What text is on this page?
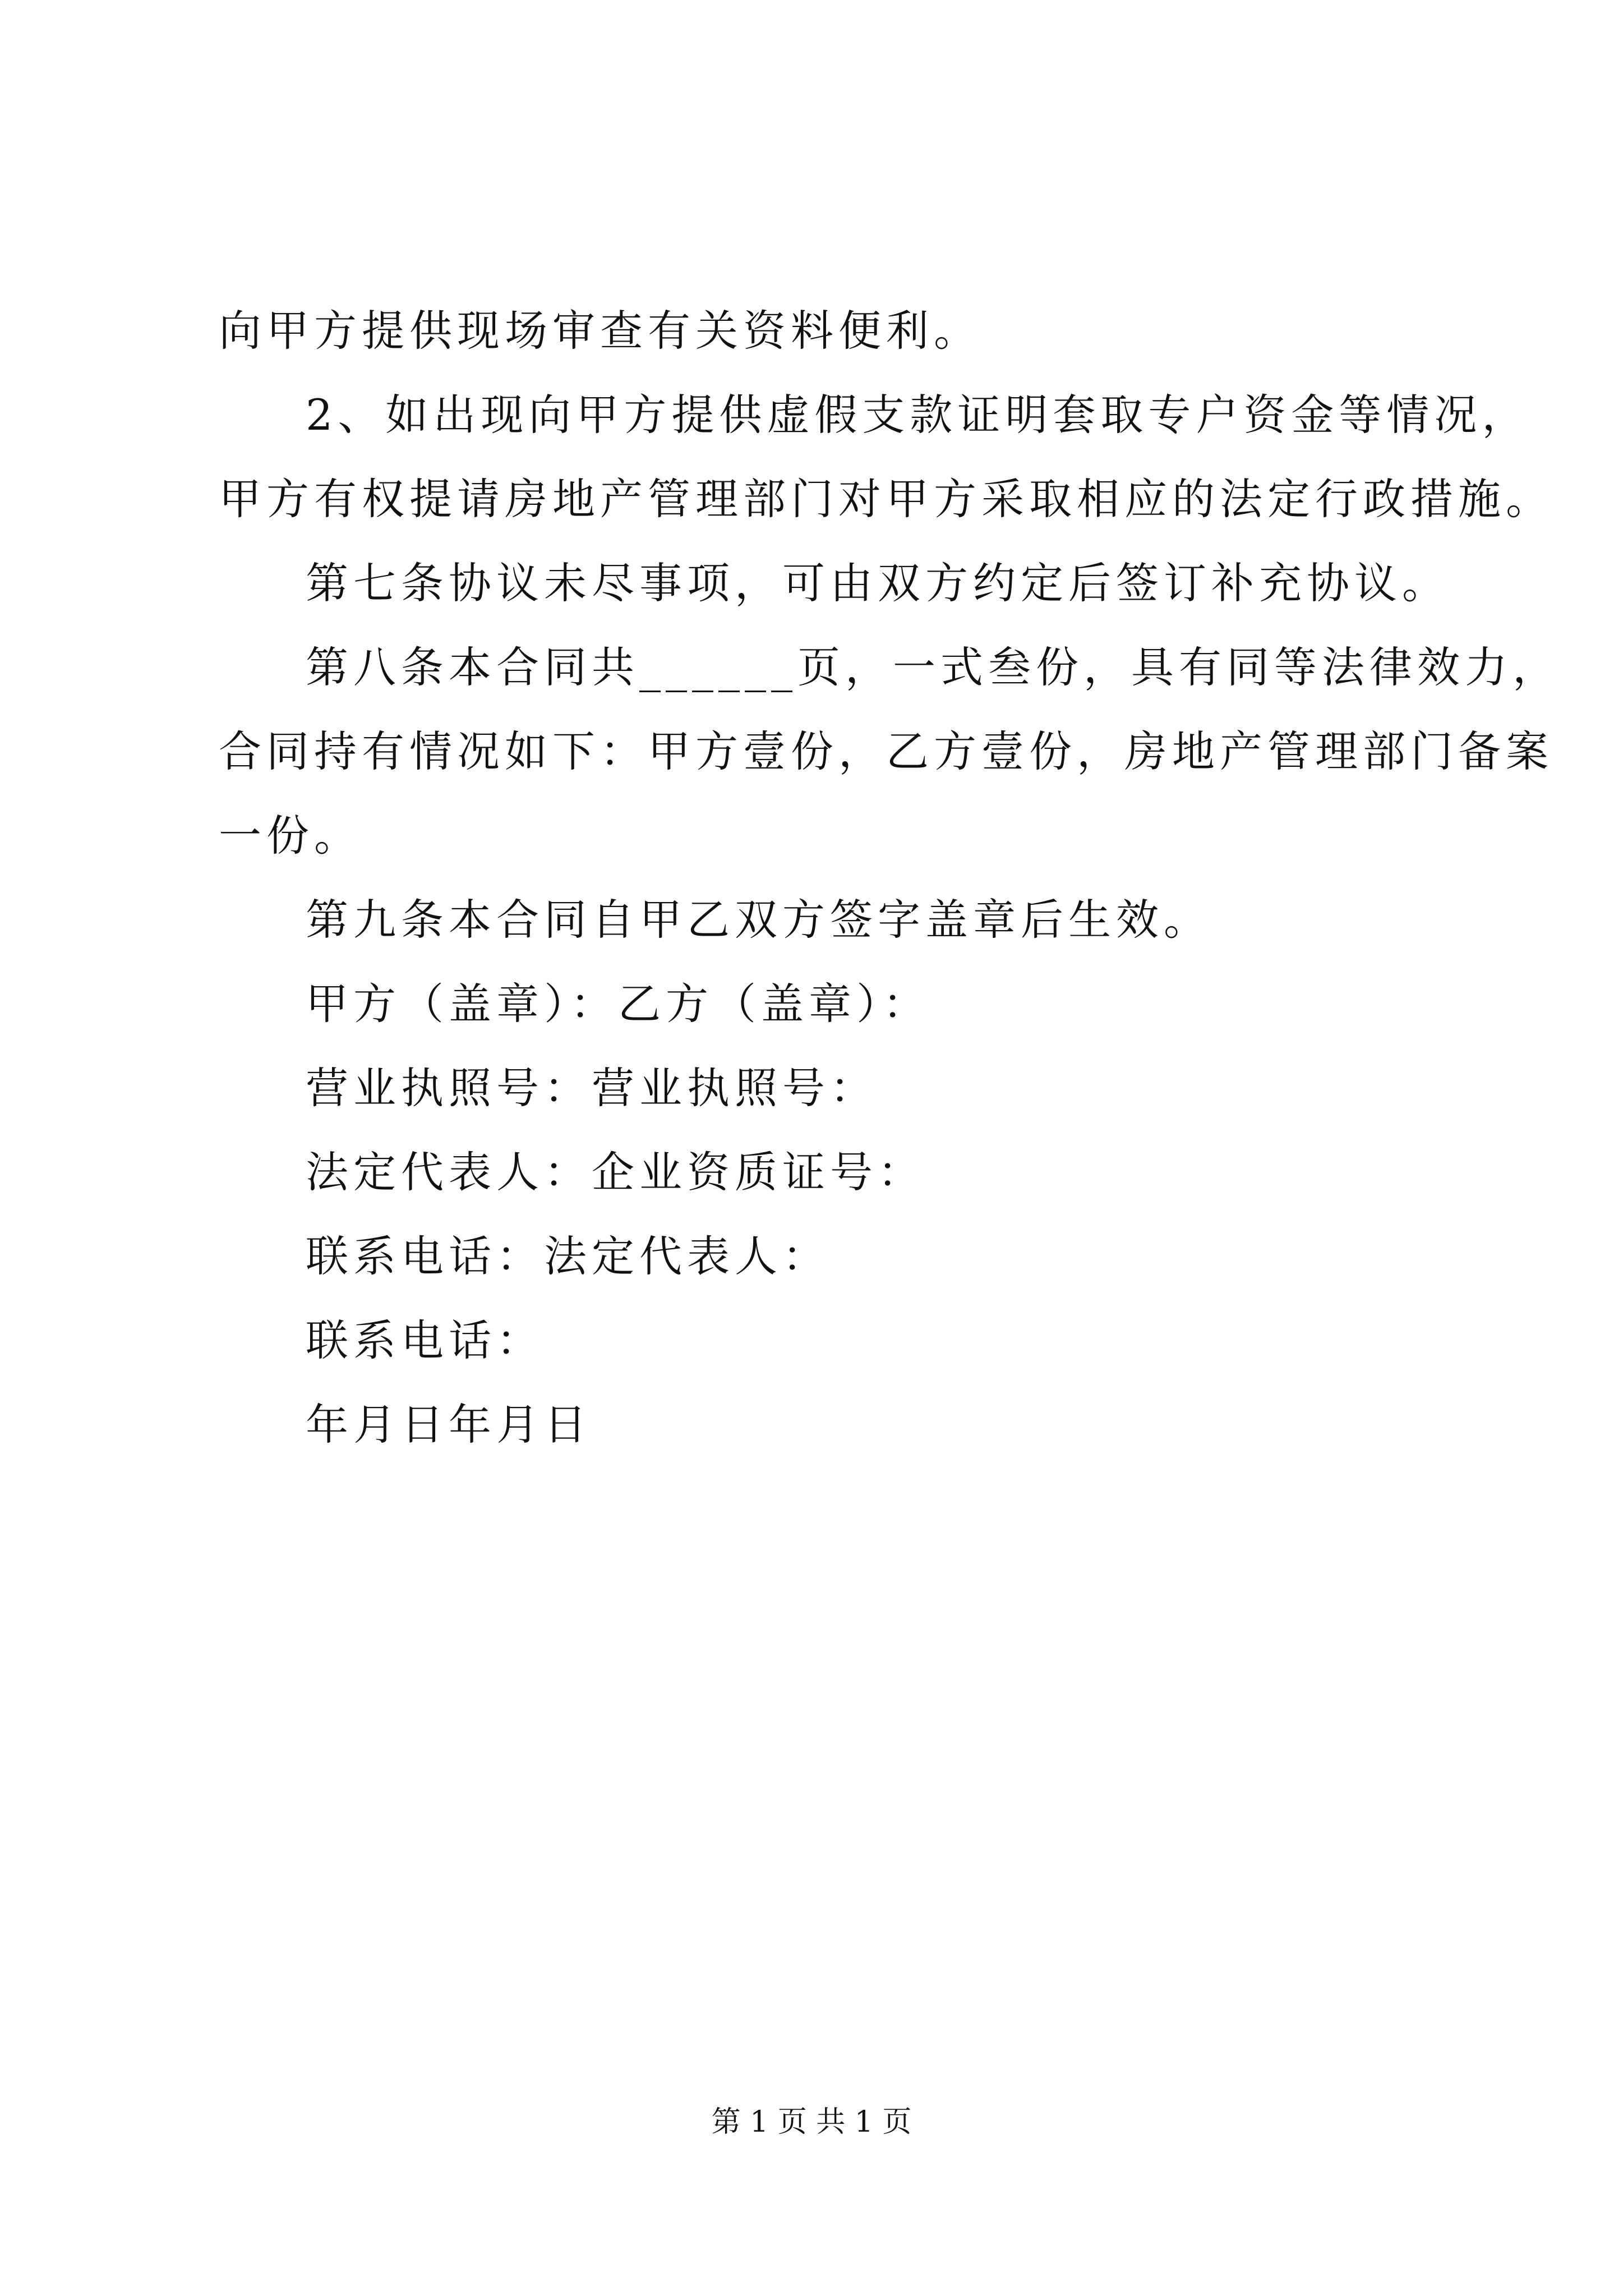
向甲方提供现场审查有关资料便利。
2、如出现向甲方提供虚假支款证明套取专户资金等情况，
甲方有权提请房地产管理部门对甲方采取相应的法定行政措施。
第七条协议未尽事项，可由双方约定后签订补充协议。
第八条本合同共______页，一式叁份，具有同等法律效力，
合同持有情况如下：甲方壹份，乙方壹份，房地产管理部门备案
一份。
第九条本合同自甲乙双方签字盖章后生效。
甲方（盖章）：乙方（盖章）：
营业执照号：营业执照号：
法定代表人：企业资质证号：
联系电话：法定代表人：
联系电话：
年月日年月日
第 1 页 共 1 页
